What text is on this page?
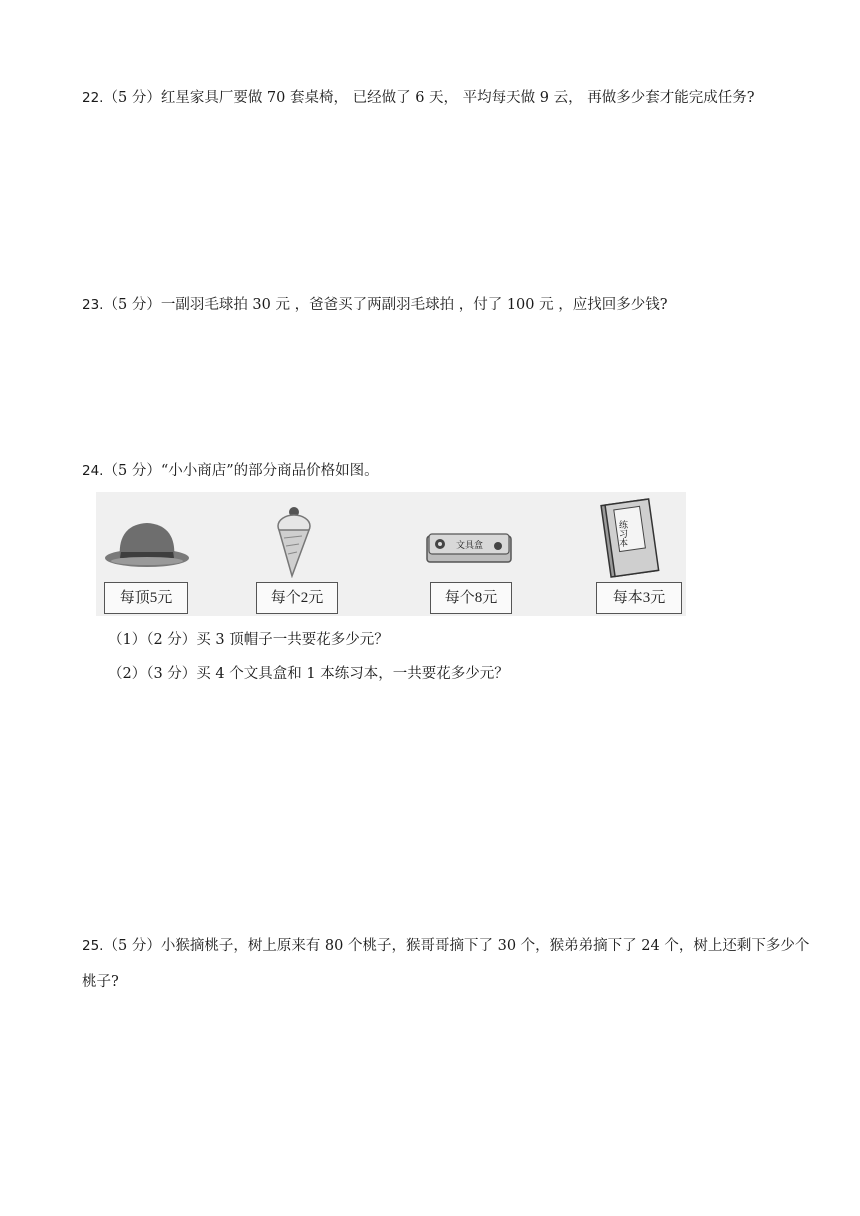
22.（5 分）红星家具厂要做 70 套桌椅， 已经做了 6 天， 平均每天做 9 云， 再做多少套才能完成任务?
23.（5 分）一副羽毛球拍 30 元 ，爸爸买了两副羽毛球拍 ，付了 100 元 ，应找回多少钱?
24.（5 分）“小小商店”的部分商品价格如图。
文具盒	练习本
每顶5元	每个2元	每个8元	每本3元
（1）（2 分）买 3 顶帽子一共要花多少元？
（2）（3 分）买 4 个文具盒和 1 本练习本，一共要花多少元？
25.（5 分）小猴摘桃子，树上原来有 80 个桃子，猴哥哥摘下了 30 个，猴弟弟摘下了 24 个，树上还剩下多少个桃子?
